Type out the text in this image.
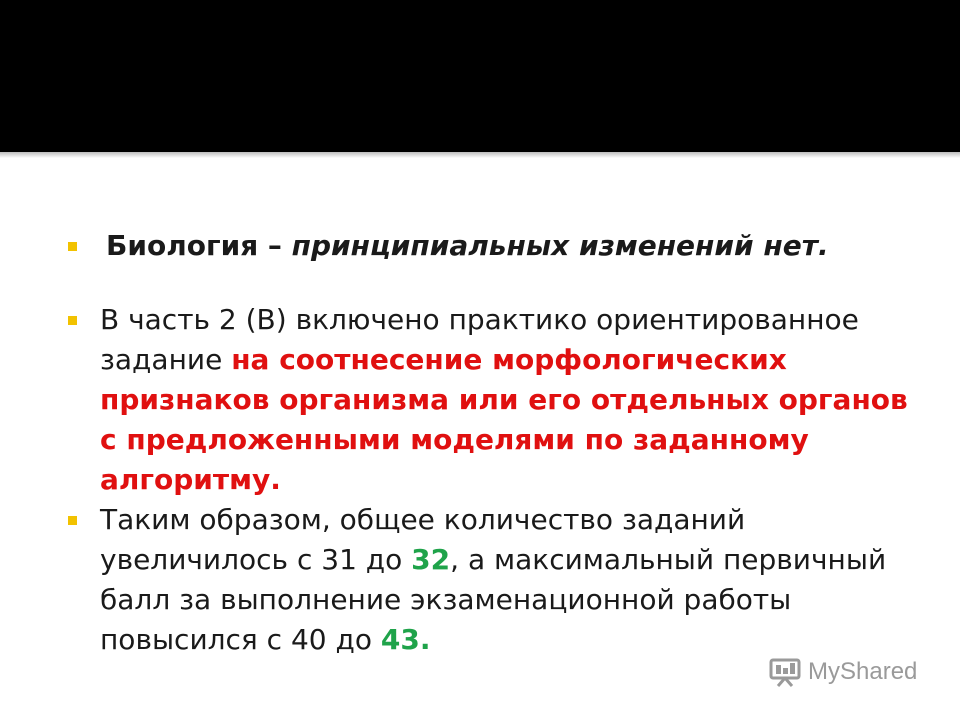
Биология – принципиальных изменений нет.
В часть 2 (В) включено практико ориентированное задание на соотнесение морфологических признаков организма или его отдельных органов с предложенными моделями по заданному алгоритму.
Таким образом, общее количество заданий увеличилось с 31 до 32, а максимальный первичный балл за выполнение экзаменационной работы повысился с 40 до 43.
MyShared
